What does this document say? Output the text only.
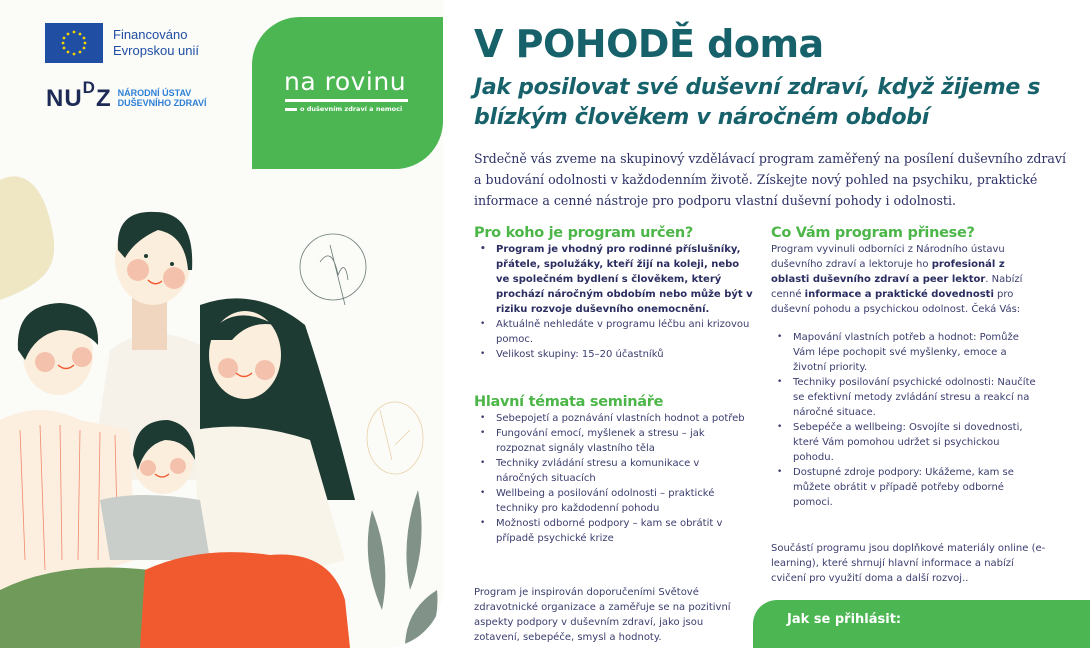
Financováno
Evropskou unií
$NU^DZ$ NÁRODNÍ ÚSTAV
DUŠEVNÍHO ZDRAVÍ
na rovinu
o duševním zdraví a nemoci
V POHODĚ doma
Jak posilovat své duševní zdraví, když žijeme s blízkým člověkem v náročném období

Srdečně vás zveme na skupinový vzdělávací program zaměřený na posílení duševního zdraví a budování odolnosti v každodenním životě. Získejte nový pohled na psychiku, praktické informace a cenné nástroje pro podporu vlastní duševní pohody i odolnosti.

Pro koho je program určen?
• Program je vhodný pro rodinné příslušníky, přátele, spolužáky, kteří žijí na koleji, nebo ve společném bydlení s člověkem, který prochází náročným obdobím nebo může být v riziku rozvoje duševního onemocnění.
• Aktuálně nehledáte v programu léčbu ani krizovou pomoc.
• Velikost skupiny: 15–20 účastníků
Hlavní témata semináře
• Sebepojetí a poznávání vlastních hodnot a potřeb
• Fungování emocí, myšlenek a stresu – jak rozpoznat signály vlastního těla
• Techniky zvládání stresu a komunikace v náročných situacích
• Wellbeing a posilování odolnosti – praktické techniky pro každodenní pohodu
• Možnosti odborné podpory – kam se obrátit v případě psychické krize

Program je inspirován doporučeními Světové zdravotnické organizace a zaměřuje se na pozitivní aspekty podpory v duševním zdraví, jako jsou zotavení, sebepéče, smysl a hodnoty.

Co Vám program přinese?

Program vyvinuli odborníci z Národního ústavu duševního zdraví a lektoruje ho profesionál z oblasti duševního zdraví a peer lektor. Nabízí cenné informace a praktické dovednosti pro duševní pohodu a psychickou odolnost. Čeká Vás:

• Mapování vlastních potřeb a hodnot: Pomůže Vám lépe pochopit své myšlenky, emoce a životní priority.
• Techniky posilování psychické odolnosti: Naučíte se efektivní metody zvládání stresu a reakcí na náročné situace.
• Sebepéče a wellbeing: Osvojíte si dovednosti, které Vám pomohou udržet si psychickou pohodu.
• Dostupné zdroje podpory: Ukážeme, kam se můžete obrátit v případě potřeby odborné pomoci.

Součástí programu jsou doplňkové materiály online (e-learning), které shrnují hlavní informace a nabízí cvičení pro využití doma a další rozvoj..

Jak se přihlásit:
